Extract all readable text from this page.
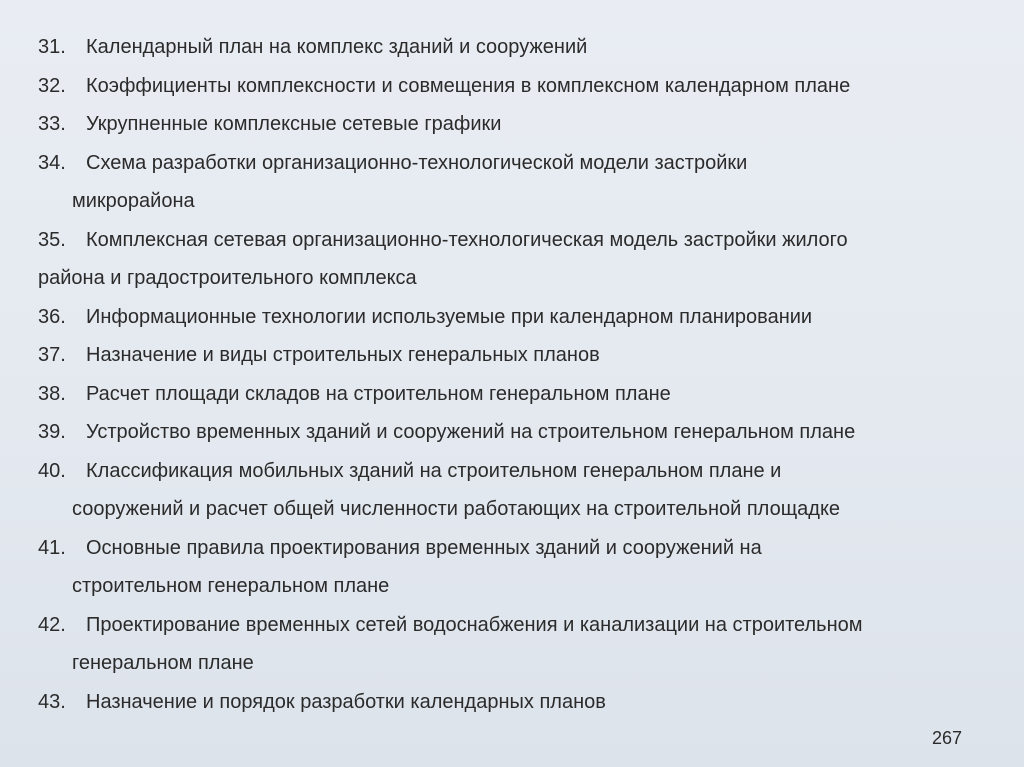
31. Календарный план на комплекс зданий и сооружений
32. Коэффициенты комплексности и совмещения в комплексном календарном плане
33. Укрупненные комплексные сетевые графики
34. Схема разработки организационно-технологической модели застройки
микрорайона
35. Комплексная сетевая организационно-технологическая модель застройки жилого
района и градостроительного комплекса
36. Информационные технологии используемые при календарном планировании
37. Назначение и виды строительных генеральных планов
38. Расчет площади складов на строительном генеральном плане
39. Устройство временных зданий и сооружений на строительном генеральном плане
40. Классификация мобильных зданий на строительном генеральном плане и
сооружений и расчет общей численности работающих на строительной площадке
41. Основные правила проектирования временных зданий и сооружений на
строительном генеральном плане
42. Проектирование временных сетей водоснабжения и канализации на строительном
генеральном плане
43. Назначение и порядок разработки календарных планов
267
